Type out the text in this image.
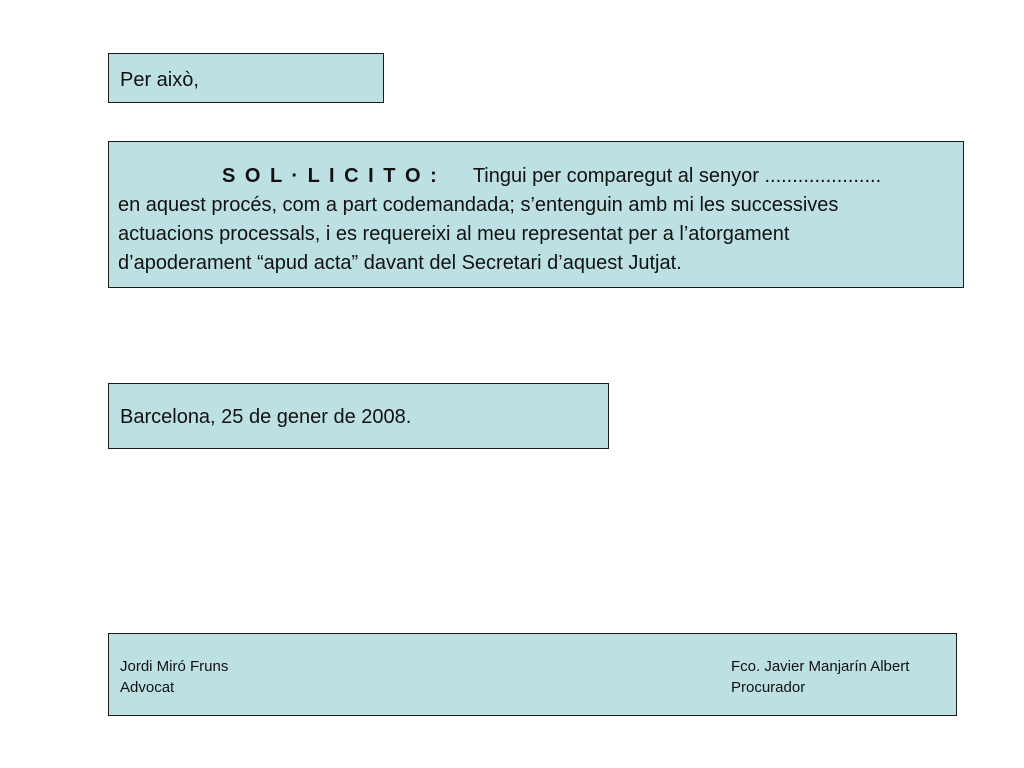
Per això,
S O L · L I C I T O : Tingui per comparegut al senyor .....................
en aquest procés, com a part codemandada; s’entenguin amb mi les successives
actuacions processals, i es requereixi al meu representat per a l’atorgament
d’apoderament “apud acta” davant del Secretari d’aquest Jutjat.
Barcelona, 25 de gener de 2008.
Jordi Miró Fruns
Advocat
Fco. Javier Manjarín Albert
Procurador
